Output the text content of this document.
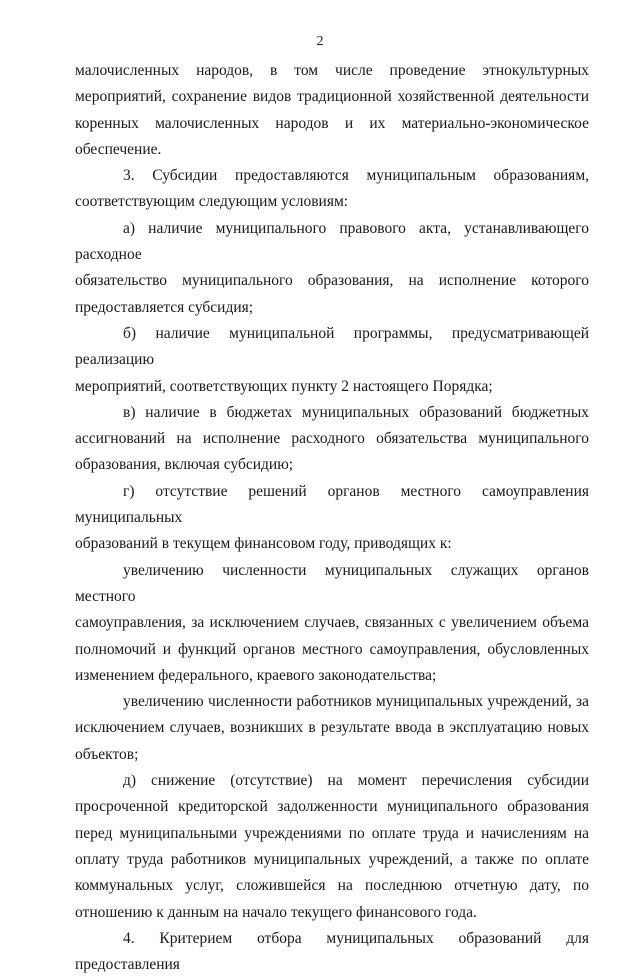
2

малочисленных народов, в том числе проведение этнокультурных

мероприятий, сохранение видов традиционной хозяйственной деятельности

коренных малочисленных народов и их материально-экономическое

обеспечение.

3. Субсидии предоставляются муниципальным образованиям,

соответствующим следующим условиям:

а) наличие муниципального правового акта, устанавливающего расходное

обязательство муниципального образования, на исполнение которого

предоставляется субсидия;

б) наличие муниципальной программы, предусматривающей реализацию

мероприятий, соответствующих пункту 2 настоящего Порядка;

в) наличие в бюджетах муниципальных образований бюджетных

ассигнований на исполнение расходного обязательства муниципального

образования, включая субсидию;

г) отсутствие решений органов местного самоуправления муниципальных

образований в текущем финансовом году, приводящих к:

увеличению численности муниципальных служащих органов местного

самоуправления, за исключением случаев, связанных с увеличением объема

полномочий и функций органов местного самоуправления, обусловленных

изменением федерального, краевого законодательства;

увеличению численности работников муниципальных учреждений, за

исключением случаев, возникших в результате ввода в эксплуатацию новых

объектов;

д) снижение (отсутствие) на момент перечисления субсидии

просроченной кредиторской задолженности муниципального образования

перед муниципальными учреждениями по оплате труда и начислениям на

оплату труда работников муниципальных учреждений, а также по оплате

коммунальных услуг, сложившейся на последнюю отчетную дату, по

отношению к данным на начало текущего финансового года.

4. Критерием отбора муниципальных образований для предоставления
